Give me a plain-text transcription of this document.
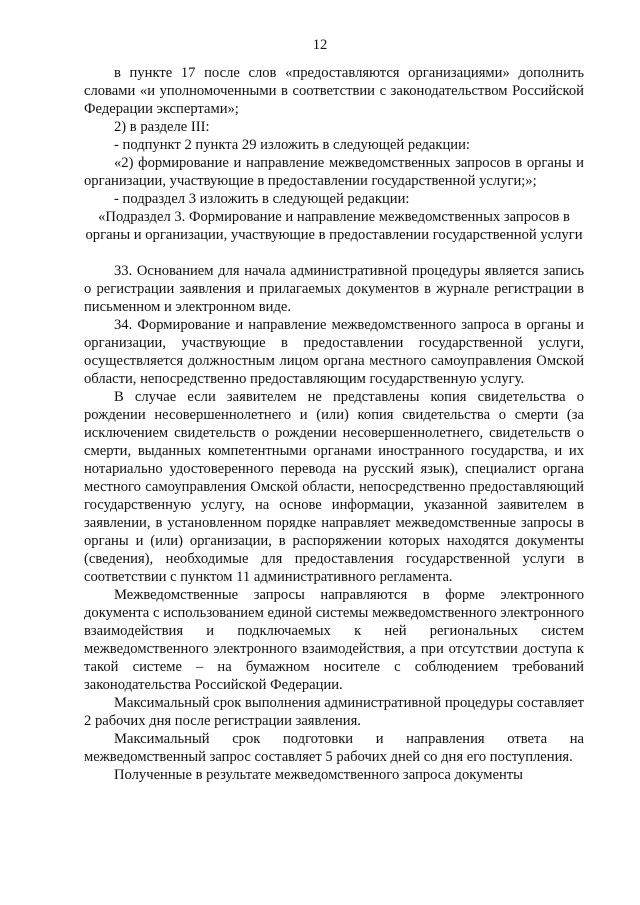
12

в пункте 17 после слов «предоставляются организациями» дополнить словами «и уполномоченными в соответствии с законодательством Российской Федерации экспертами»;

2) в разделе III:

- подпункт 2 пункта 29 изложить в следующей редакции:

«2) формирование и направление межведомственных запросов в органы и организации, участвующие в предоставлении государственной услуги;»;

- подраздел 3 изложить в следующей редакции:

«Подраздел 3. Формирование и направление межведомственных запросов в органы и организации, участвующие в предоставлении государственной услуги

33. Основанием для начала административной процедуры является запись о регистрации заявления и прилагаемых документов в журнале регистрации в письменном и электронном виде.

34. Формирование и направление межведомственного запроса в органы и организации, участвующие в предоставлении государственной услуги, осуществляется должностным лицом органа местного самоуправления Омской области, непосредственно предоставляющим государственную услугу.

В случае если заявителем не представлены копия свидетельства о рождении несовершеннолетнего и (или) копия свидетельства о смерти (за исключением свидетельств о рождении несовершеннолетнего, свидетельств о смерти, выданных компетентными органами иностранного государства, и их нотариально удостоверенного перевода на русский язык), специалист органа местного самоуправления Омской области, непосредственно предоставляющий государственную услугу, на основе информации, указанной заявителем в заявлении, в установленном порядке направляет межведомственные запросы в органы и (или) организации, в распоряжении которых находятся документы (сведения), необходимые для предоставления государственной услуги в соответствии с пунктом 11 административного регламента.

Межведомственные запросы направляются в форме электронного документа с использованием единой системы межведомственного электронного взаимодействия и подключаемых к ней региональных систем межведомственного электронного взаимодействия, а при отсутствии доступа к такой системе – на бумажном носителе с соблюдением требований законодательства Российской Федерации.

Максимальный срок выполнения административной процедуры составляет 2 рабочих дня после регистрации заявления.

Максимальный срок подготовки и направления ответа на межведомственный запрос составляет 5 рабочих дней со дня его поступления.

Полученные в результате межведомственного запроса документы
